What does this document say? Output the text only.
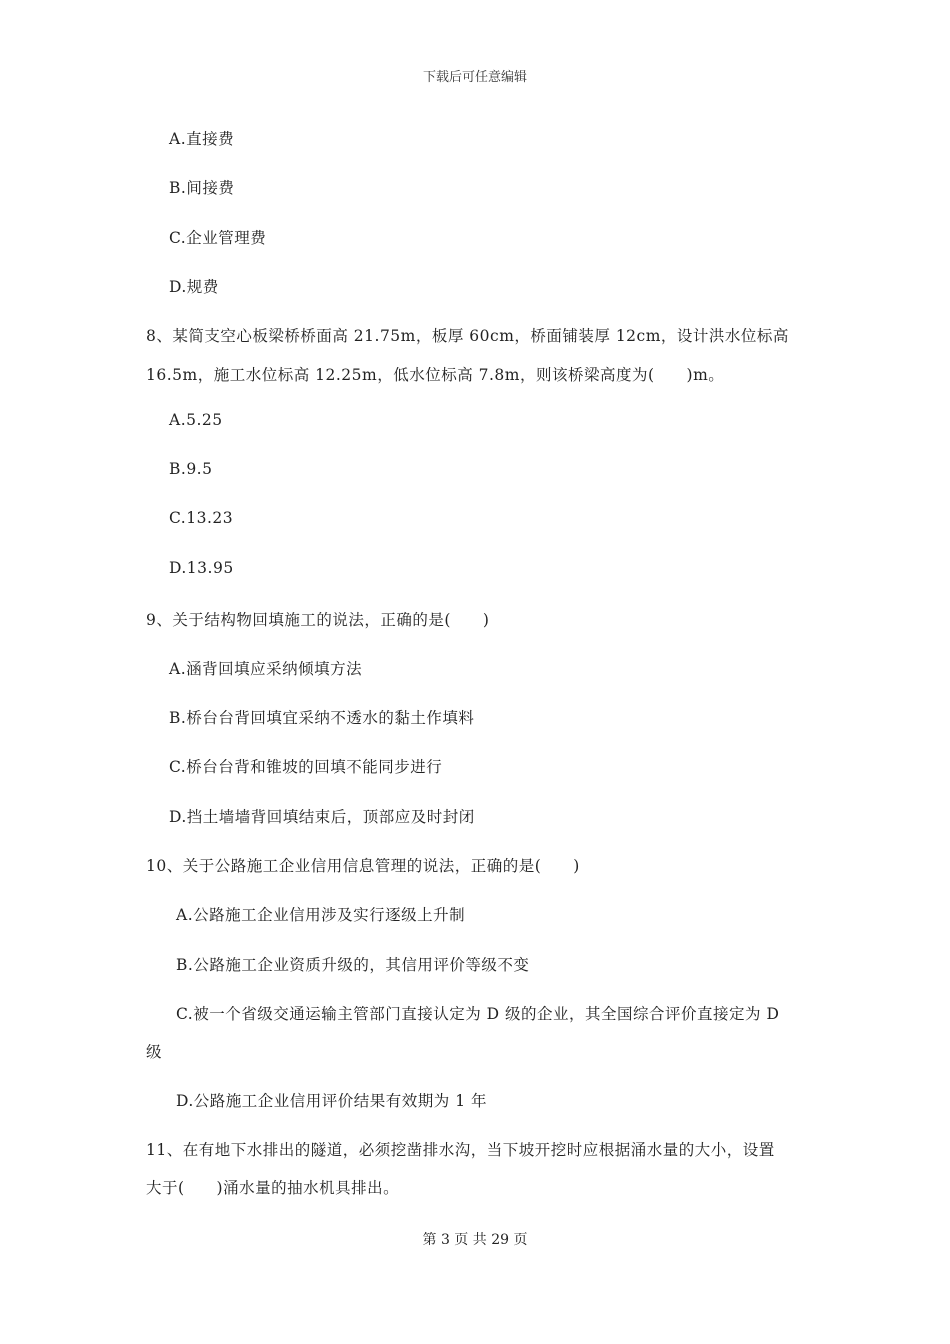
下载后可任意编辑
A.直接费
B.间接费
C.企业管理费
D.规费
8、某简支空心板梁桥桥面高 21.75m，板厚 60cm，桥面铺装厚 12cm，设计洪水位标高
16.5m，施工水位标高 12.25m，低水位标高 7.8m，则该桥梁高度为(　　)m。
A.5.25
B.9.5
C.13.23
D.13.95
9、关于结构物回填施工的说法，正确的是(　　)
A.涵背回填应采纳倾填方法
B.桥台台背回填宜采纳不透水的黏土作填料
C.桥台台背和锥坡的回填不能同步进行
D.挡土墙墙背回填结束后，顶部应及时封闭
10、关于公路施工企业信用信息管理的说法，正确的是(　　)
A.公路施工企业信用涉及实行逐级上升制
B.公路施工企业资质升级的，其信用评价等级不变
C.被一个省级交通运输主管部门直接认定为 D 级的企业，其全国综合评价直接定为 D
级
D.公路施工企业信用评价结果有效期为 1 年
11、在有地下水排出的隧道，必须挖凿排水沟，当下坡开挖时应根据涌水量的大小，设置
大于(　　)涌水量的抽水机具排出。
第 3 页 共 29 页
